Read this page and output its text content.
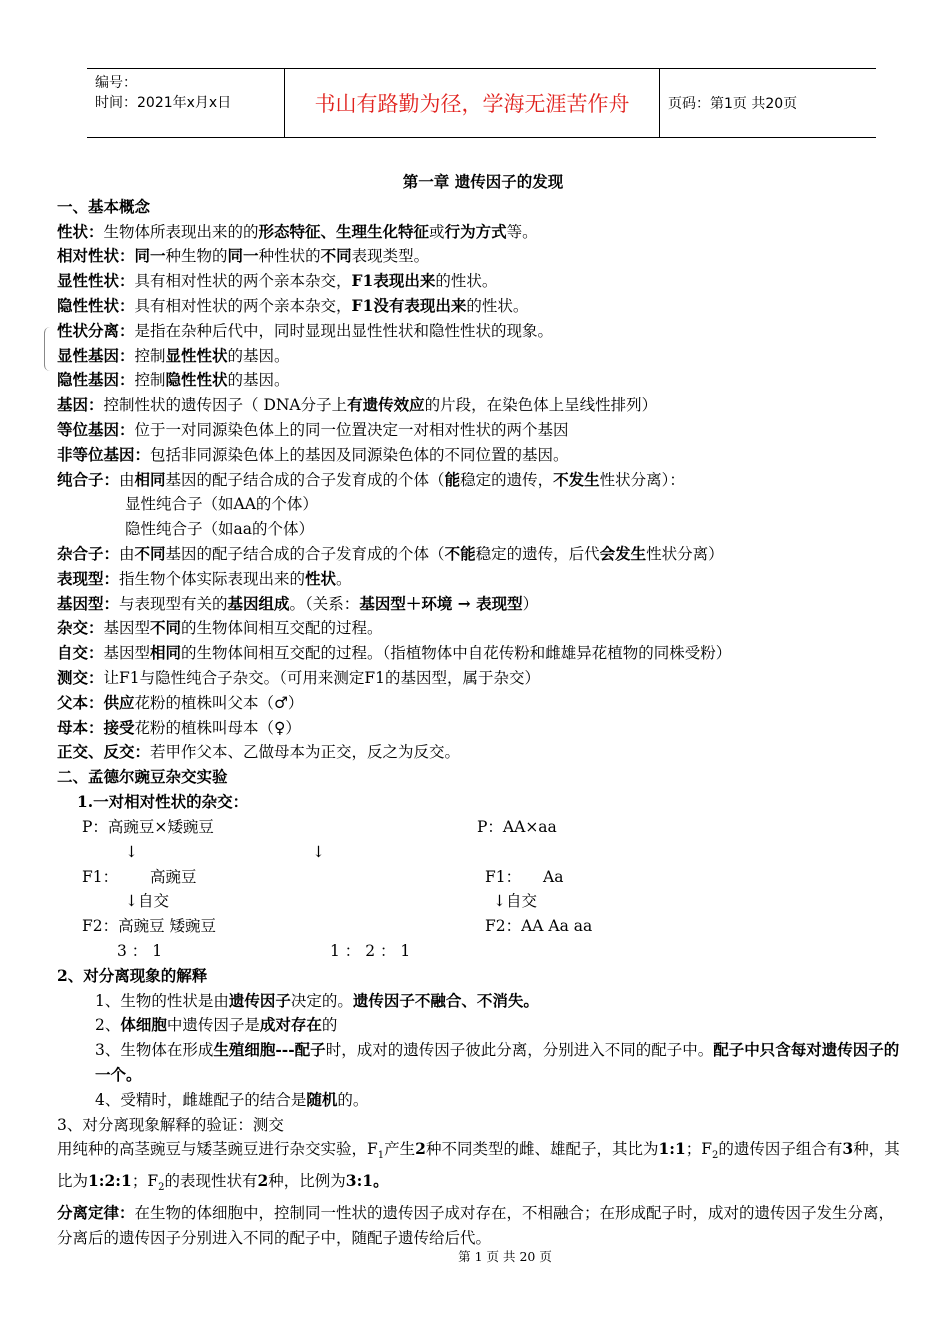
编号：
时间：2021年x月x日	书山有路勤为径，学海无涯苦作舟	页码：第1页 共20页
第一章 遗传因子的发现
一、基本概念
性状：生物体所表现出来的的形态特征、生理生化特征或行为方式等。
相对性状：同一种生物的同一种性状的不同表现类型。
显性性状：具有相对性状的两个亲本杂交，F1表现出来的性状。
隐性性状：具有相对性状的两个亲本杂交，F1没有表现出来的性状。
性状分离：是指在杂种后代中，同时显现出显性性状和隐性性状的现象。
显性基因：控制显性性状的基因。
隐性基因：控制隐性性状的基因。
基因：控制性状的遗传因子（ DNA分子上有遗传效应的片段，在染色体上呈线性排列）
等位基因：位于一对同源染色体上的同一位置决定一对相对性状的两个基因
非等位基因：包括非同源染色体上的基因及同源染色体的不同位置的基因。
纯合子：由相同基因的配子结合成的合子发育成的个体（能稳定的遗传，不发生性状分离）：
显性纯合子（如AA的个体）
隐性纯合子（如aa的个体）
杂合子：由不同基因的配子结合成的合子发育成的个体（不能稳定的遗传，后代会发生性状分离）
表现型：指生物个体实际表现出来的性状。
基因型：与表现型有关的基因组成。（关系：基因型＋环境 → 表现型）
杂交：基因型不同的生物体间相互交配的过程。
自交：基因型相同的生物体间相互交配的过程。（指植物体中自花传粉和雌雄异花植物的同株受粉）
测交：让F1与隐性纯合子杂交。（可用来测定F1的基因型，属于杂交）
父本：供应花粉的植株叫父本（♂）
母本：接受花粉的植株叫母本（♀）
正交、反交：若甲作父本、乙做母本为正交，反之为反交。
二、孟德尔豌豆杂交实验
1.一对相对性状的杂交：
P：高豌豆×矮豌豆
↓	↓
F1： 高豌豆
↓自交
F2：高豌豆 矮豌豆
3 ： 1	1 ： 2 ： 1
P：AA×aa
F1： Aa
↓自交
F2：AA Aa aa
2、对分离现象的解释
1、生物的性状是由遗传因子决定的。遗传因子不融合、不消失。
2、体细胞中遗传因子是成对存在的
3、生物体在形成生殖细胞---配子时，成对的遗传因子彼此分离，分别进入不同的配子中。配子中只含每对遗传因子的一个。
4、受精时，雌雄配子的结合是随机的。
3、对分离现象解释的验证：测交
用纯种的高茎豌豆与矮茎豌豆进行杂交实验，$F_1$产生2种不同类型的雌、雄配子，其比为1:1；$F_2$的遗传因子组合有3种，其比为1:2:1；$F_2$的表现性状有2种，比例为3:1。
分离定律：在生物的体细胞中，控制同一性状的遗传因子成对存在，不相融合；在形成配子时，成对的遗传因子发生分离，分离后的遗传因子分别进入不同的配子中，随配子遗传给后代。
第 1 页 共 20 页
